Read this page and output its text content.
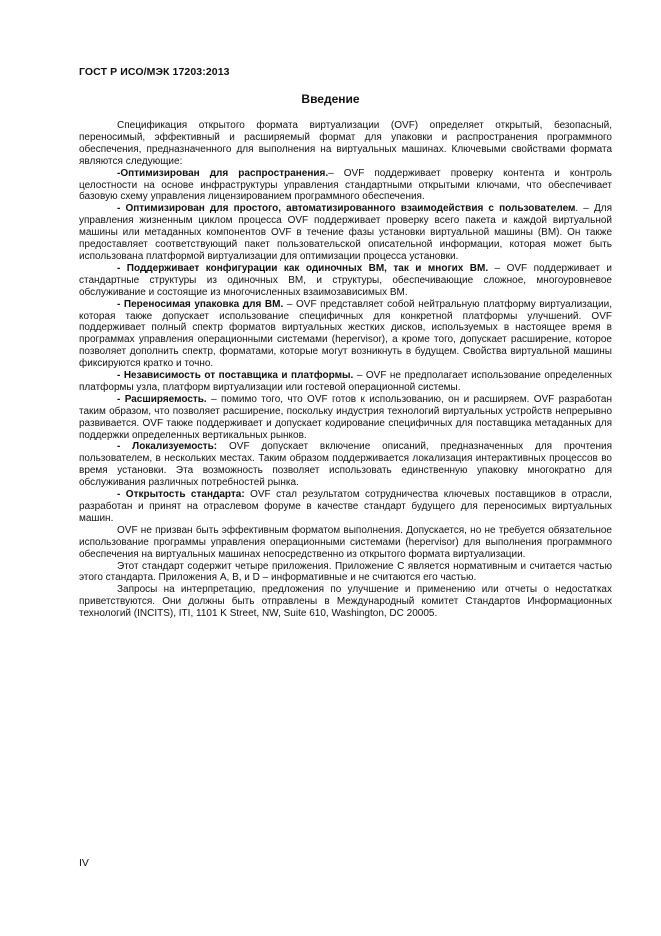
ГОСТ Р ИСО/МЭК 17203:2013
Введение

Спецификация открытого формата виртуализации (OVF) определяет открытый, безопасный, переносимый, эффективный и расширяемый формат для упаковки и распространения программного обеспечения, предназначенного для выполнения на виртуальных машинах. Ключевыми свойствами формата являются следующие:

-Оптимизирован для распространения.– OVF поддерживает проверку контента и контроль целостности на основе инфраструктуры управления стандартными открытыми ключами, что обеспечивает базовую схему управления лицензированием программного обеспечения.

- Оптимизирован для простого, автоматизированного взаимодействия с пользователем. – Для управления жизненным циклом процесса OVF поддерживает проверку всего пакета и каждой виртуальной машины или метаданных компонентов OVF в течение фазы установки виртуальной машины (ВМ). Он также предоставляет соответствующий пакет пользовательской описательной информации, которая может быть использована платформой виртуализации для оптимизации процесса установки.

- Поддерживает конфигурации как одиночных ВМ, так и многих ВМ. – OVF поддерживает и стандартные структуры из одиночных ВМ, и структуры, обеспечивающие сложное, многоуровневое обслуживание и состоящие из многочисленных взаимозависимых ВМ.

- Переносимая упаковка для ВМ. – OVF представляет собой нейтральную платформу виртуализации, которая также допускает использование специфичных для конкретной платформы улучшений. OVF поддерживает полный спектр форматов виртуальных жестких дисков, используемых в настоящее время в программах управления операционными системами (hepervisor), а кроме того, допускает расширение, которое позволяет дополнить спектр, форматами, которые могут возникнуть в будущем. Свойства виртуальной машины фиксируются кратко и точно.

- Независимость от поставщика и платформы. – OVF не предполагает использование определенных платформы узла, платформ виртуализации или гостевой операционной системы.

- Расширяемость. – помимо того, что OVF готов к использованию, он и расширяем. OVF разработан таким образом, что позволяет расширение, поскольку индустрия технологий виртуальных устройств непрерывно развивается. OVF также поддерживает и допускает кодирование специфичных для поставщика метаданных для поддержки определенных вертикальных рынков.

- Локализуемость: OVF допускает включение описаний, предназначенных для прочтения пользователем, в нескольких местах. Таким образом поддерживается локализация интерактивных процессов во время установки. Эта возможность позволяет использовать единственную упаковку многократно для обслуживания различных потребностей рынка.

- Открытость стандарта: OVF стал результатом сотрудничества ключевых поставщиков в отрасли, разработан и принят на отраслевом форуме в качестве стандарт будущего для переносимых виртуальных машин.

OVF не призван быть эффективным форматом выполнения. Допускается, но не требуется обязательное использование программы управления операционными системами (hepervisor) для выполнения программного обеспечения на виртуальных машинах непосредственно из открытого формата виртуализации.

Этот стандарт содержит четыре приложения. Приложение C является нормативным и считается частью этого стандарта. Приложения A, B, и D – информативные и не считаются его частью.

Запросы на интерпретацию, предложения по улучшение и применению или отчеты о недостатках приветствуются. Они должны быть отправлены в Международный комитет Стандартов Информационных технологий (INCITS), ITI, 1101 K Street, NW, Suite 610, Washington, DC 20005.

IV
